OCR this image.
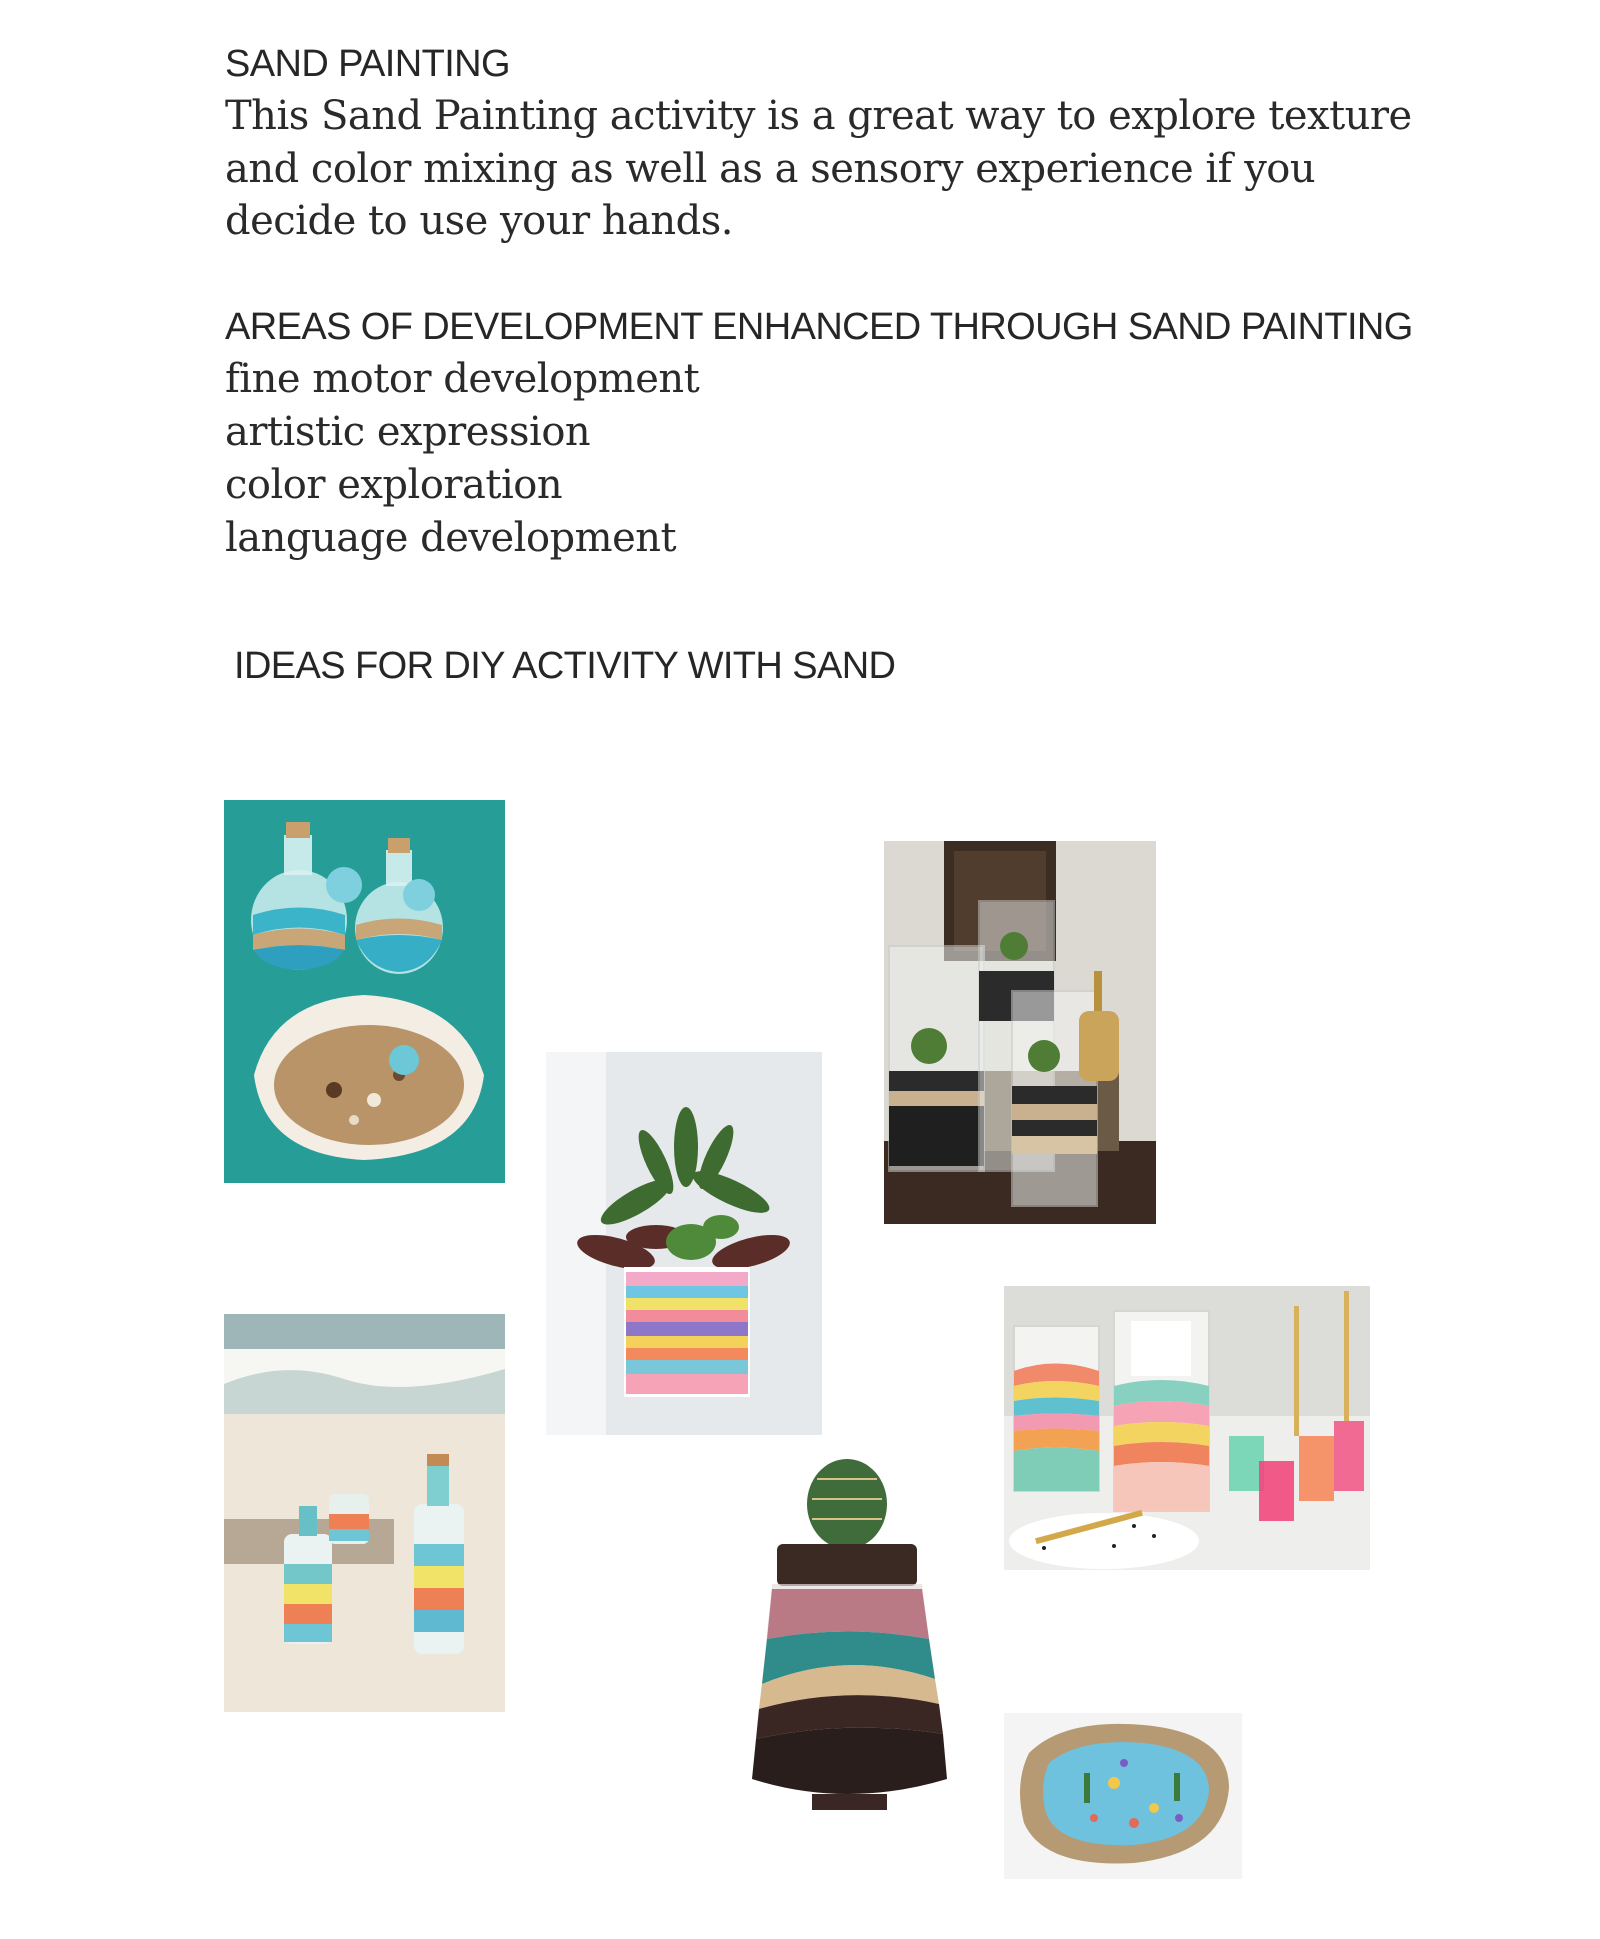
SAND PAINTING
This Sand Painting activity is a great way to explore texture
and color mixing as well as a sensory experience if you
decide to use your hands.
AREAS OF DEVELOPMENT ENHANCED THROUGH SAND PAINTING
fine motor development
artistic expression
color exploration
language development
IDEAS FOR DIY ACTIVITY WITH SAND
